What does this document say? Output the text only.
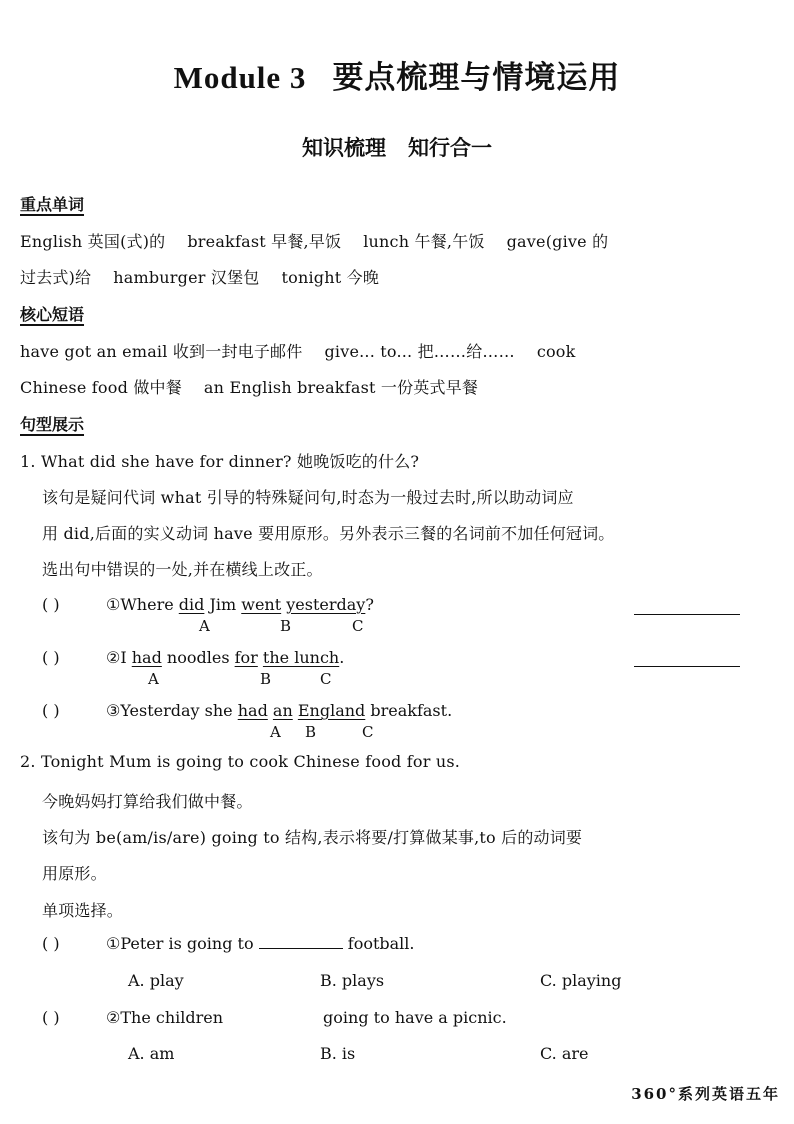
Module 3 要点梳理与情境运用
知识梳理 知行合一
重点单词
English 英国(式)的 breakfast 早餐,早饭 lunch 午餐,午饭 gave(give 的
过去式)给 hamburger 汉堡包 tonight 今晚
核心短语
have got an email 收到一封电子邮件 give... to... 把……给…… cook
Chinese food 做中餐 an English breakfast 一份英式早餐
句型展示
1. What did she have for dinner? 她晚饭吃的什么?
该句是疑问代词 what 引导的特殊疑问句,时态为一般过去时,所以助动词应
用 did,后面的实义动词 have 要用原形。另外表示三餐的名词前不加任何冠词。
选出句中错误的一处,并在横线上改正。
( )	①Where did Jim went yesterday?
A	B	C
( )	②I had noodles for the lunch.
A	B	C
( )	③Yesterday she had an England breakfast.
A B	C
2. Tonight Mum is going to cook Chinese food for us.
今晚妈妈打算给我们做中餐。
该句为 be(am/is/are) going to 结构,表示将要/打算做某事,to 后的动词要
用原形。
单项选择。
( )	①Peter is going to	football.
A. play	B. plays	C. playing
( )	②The children	going to have a picnic.
A. am	B. is	C. are
360°系列英语五年
